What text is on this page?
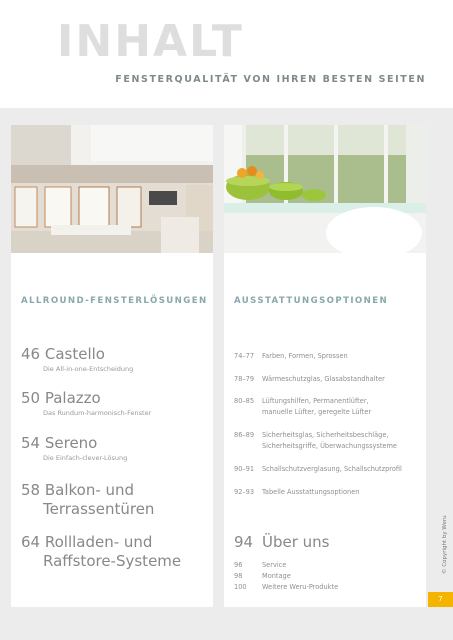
INHALT
FENSTERQUALITÄT VON IHREN BESTEN SEITEN
ALLROUND-FENSTERLÖSUNGEN
46 Castello
Die All-in-one-Entscheidung
50 Palazzo
Das Rundum-harmonisch-Fenster
54 Sereno
Die Einfach-clever-Lösung
58 Balkon- und
Terrassentüren
64 Rollladen- und
Raffstore-Systeme
AUSSTATTUNGSOPTIONEN
74–77 Farben, Formen, Sprossen
78–79 Wärmeschutzglas, Glasabstandhalter
80–85 Lüftungshilfen, Permanentlüfter,
manuelle Lüfter, geregelte Lüfter
86–89 Sicherheitsglas, Sicherheitsbeschläge,
Sicherheitsgriffe, Überwachungssysteme
90–91 Schallschutzverglasung, Schallschutzprofil
92–93 Tabelle Ausstattungsoptionen
94 Über uns
96	Service
98	Montage
100 Weitere Weru-Produkte
© Copyright by Weru
7
